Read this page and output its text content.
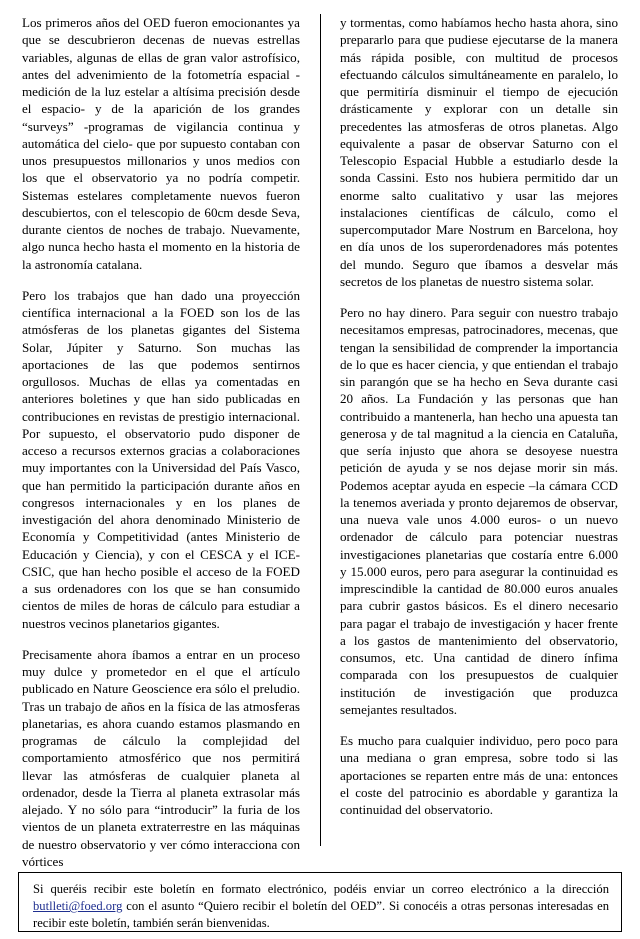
Los primeros años del OED fueron emocionantes ya que se descubrieron decenas de nuevas estrellas variables, algunas de ellas de gran valor astrofísico, antes del advenimiento de la fotometría espacial -medición de la luz estelar a altísima precisión desde el espacio- y de la aparición de los grandes “surveys” -programas de vigilancia continua y automática del cielo- que por supuesto contaban con unos presupuestos millonarios y unos medios con los que el observatorio ya no podría competir. Sistemas estelares completamente nuevos fueron descubiertos, con el telescopio de 60cm desde Seva, durante cientos de noches de trabajo. Nuevamente, algo nunca hecho hasta el momento en la historia de la astronomía catalana.

Pero los trabajos que han dado una proyección científica internacional a la FOED son los de las atmósferas de los planetas gigantes del Sistema Solar, Júpiter y Saturno. Son muchas las aportaciones de las que podemos sentirnos orgullosos. Muchas de ellas ya comentadas en anteriores boletines y que han sido publicadas en contribuciones en revistas de prestigio internacional. Por supuesto, el observatorio pudo disponer de acceso a recursos externos gracias a colaboraciones muy importantes con la Universidad del País Vasco, que han permitido la participación durante años en congresos internacionales y en los planes de investigación del ahora denominado Ministerio de Economía y Competitividad (antes Ministerio de Educación y Ciencia), y con el CESCA y el ICE-CSIC, que han hecho posible el acceso de la FOED a sus ordenadores con los que se han consumido cientos de miles de horas de cálculo para estudiar a nuestros vecinos planetarios gigantes.

Precisamente ahora íbamos a entrar en un proceso muy dulce y prometedor en el que el artículo publicado en Nature Geoscience era sólo el preludio. Tras un trabajo de años en la física de las atmosferas planetarias, es ahora cuando estamos plasmando en programas de cálculo la complejidad del comportamiento atmosférico que nos permitirá llevar las atmósferas de cualquier planeta al ordenador, desde la Tierra al planeta extrasolar más alejado. Y no sólo para “introducir” la furia de los vientos de un planeta extraterrestre en las máquinas de nuestro observatorio y ver cómo interacciona con vórtices

y tormentas, como habíamos hecho hasta ahora, sino prepararlo para que pudiese ejecutarse de la manera más rápida posible, con multitud de procesos efectuando cálculos simultáneamente en paralelo, lo que permitiría disminuir el tiempo de ejecución drásticamente y explorar con un detalle sin precedentes las atmosferas de otros planetas. Algo equivalente a pasar de observar Saturno con el Telescopio Espacial Hubble a estudiarlo desde la sonda Cassini. Esto nos hubiera permitido dar un enorme salto cualitativo y usar las mejores instalaciones científicas de cálculo, como el supercomputador Mare Nostrum en Barcelona, hoy en día unos de los superordenadores más potentes del mundo. Seguro que íbamos a desvelar más secretos de los planetas de nuestro sistema solar.

Pero no hay dinero. Para seguir con nuestro trabajo necesitamos empresas, patrocinadores, mecenas, que tengan la sensibilidad de comprender la importancia de lo que es hacer ciencia, y que entiendan el trabajo sin parangón que se ha hecho en Seva durante casi 20 años. La Fundación y las personas que han contribuido a mantenerla, han hecho una apuesta tan generosa y de tal magnitud a la ciencia en Cataluña, que sería injusto que ahora se desoyese nuestra petición de ayuda y se nos dejase morir sin más. Podemos aceptar ayuda en especie –la cámara CCD la tenemos averiada y pronto dejaremos de observar, una nueva vale unos 4.000 euros- o un nuevo ordenador de cálculo para potenciar nuestras investigaciones planetarias que costaría entre 6.000 y 15.000 euros, pero para asegurar la continuidad es imprescindible la cantidad de 80.000 euros anuales para cubrir gastos básicos. Es el dinero necesario para pagar el trabajo de investigación y hacer frente a los gastos de mantenimiento del observatorio, consumos, etc. Una cantidad de dinero ínfima comparada con los presupuestos de cualquier institución de investigación que produzca semejantes resultados.

Es mucho para cualquier individuo, pero poco para una mediana o gran empresa, sobre todo si las aportaciones se reparten entre más de una: entonces el coste del patrocinio es abordable y garantiza la continuidad del observatorio.

Si queréis recibir este boletín en formato electrónico, podéis enviar un correo electrónico a la dirección butlleti@foed.org con el asunto “Quiero recibir el boletín del OED”. Si conocéis a otras personas interesadas en recibir este boletín, también serán bienvenidas.
